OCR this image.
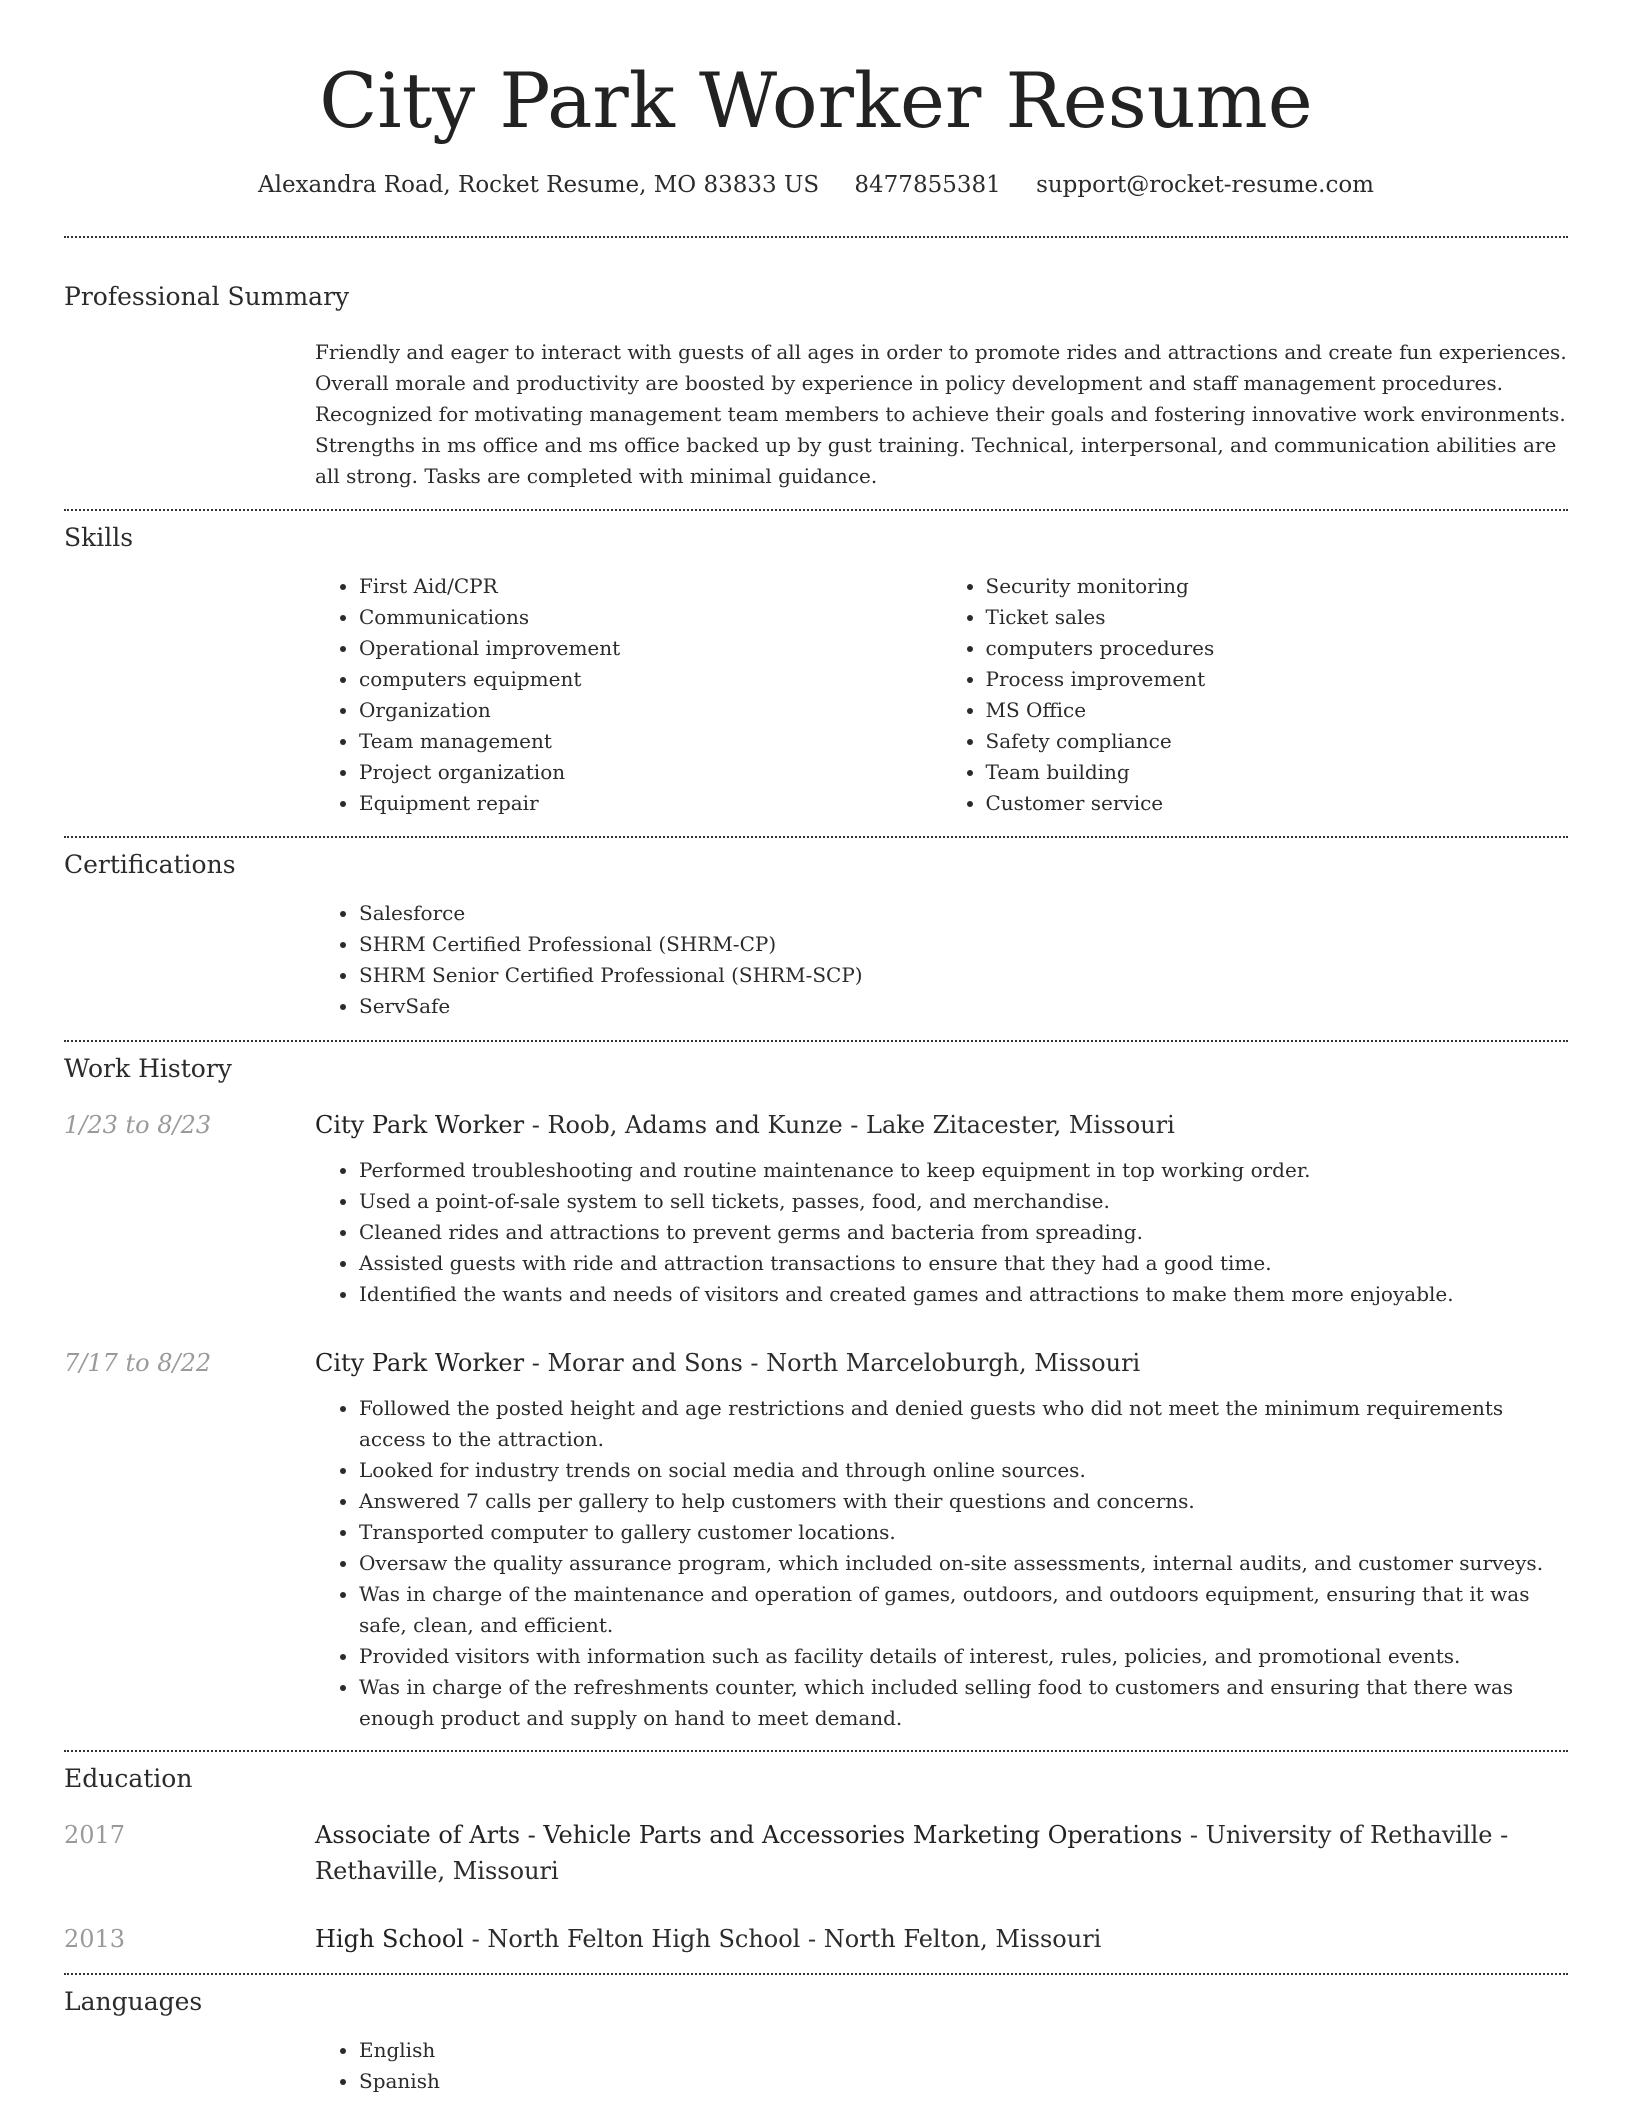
City Park Worker Resume
Alexandra Road, Rocket Resume, MO 83833 US 8477855381 support@rocket-resume.com
Professional Summary

Friendly and eager to interact with guests of all ages in order to promote rides and attractions and create fun experiences. Overall morale and productivity are boosted by experience in policy development and staff management procedures. Recognized for motivating management team members to achieve their goals and fostering innovative work environments. Strengths in ms office and ms office backed up by gust training. Technical, interpersonal, and communication abilities are all strong. Tasks are completed with minimal guidance.

Skills
• First Aid/CPR
• Communications
• Operational improvement
• computers equipment
• Organization
• Team management
• Project organization
• Equipment repair
• Security monitoring
• Ticket sales
• computers procedures
• Process improvement
• MS Office
• Safety compliance
• Team building
• Customer service
Certifications
• Salesforce
• SHRM Certified Professional (SHRM-CP)
• SHRM Senior Certified Professional (SHRM-SCP)
• ServSafe
Work History
1/23 to 8/23	City Park Worker - Roob, Adams and Kunze - Lake Zitacester, Missouri
• Performed troubleshooting and routine maintenance to keep equipment in top working order.
• Used a point-of-sale system to sell tickets, passes, food, and merchandise.
• Cleaned rides and attractions to prevent germs and bacteria from spreading.
• Assisted guests with ride and attraction transactions to ensure that they had a good time.
• Identified the wants and needs of visitors and created games and attractions to make them more enjoyable.
7/17 to 8/22	City Park Worker - Morar and Sons - North Marceloburgh, Missouri
• Followed the posted height and age restrictions and denied guests who did not meet the minimum requirements access to the attraction.
• Looked for industry trends on social media and through online sources.
• Answered 7 calls per gallery to help customers with their questions and concerns.
• Transported computer to gallery customer locations.
• Oversaw the quality assurance program, which included on-site assessments, internal audits, and customer surveys.
• Was in charge of the maintenance and operation of games, outdoors, and outdoors equipment, ensuring that it was safe, clean, and efficient.
• Provided visitors with information such as facility details of interest, rules, policies, and promotional events.
• Was in charge of the refreshments counter, which included selling food to customers and ensuring that there was enough product and supply on hand to meet demand.
Education
2017	Associate of Arts - Vehicle Parts and Accessories Marketing Operations - University of Rethaville - Rethaville, Missouri
2013	High School - North Felton High School - North Felton, Missouri
Languages
• English
• Spanish
